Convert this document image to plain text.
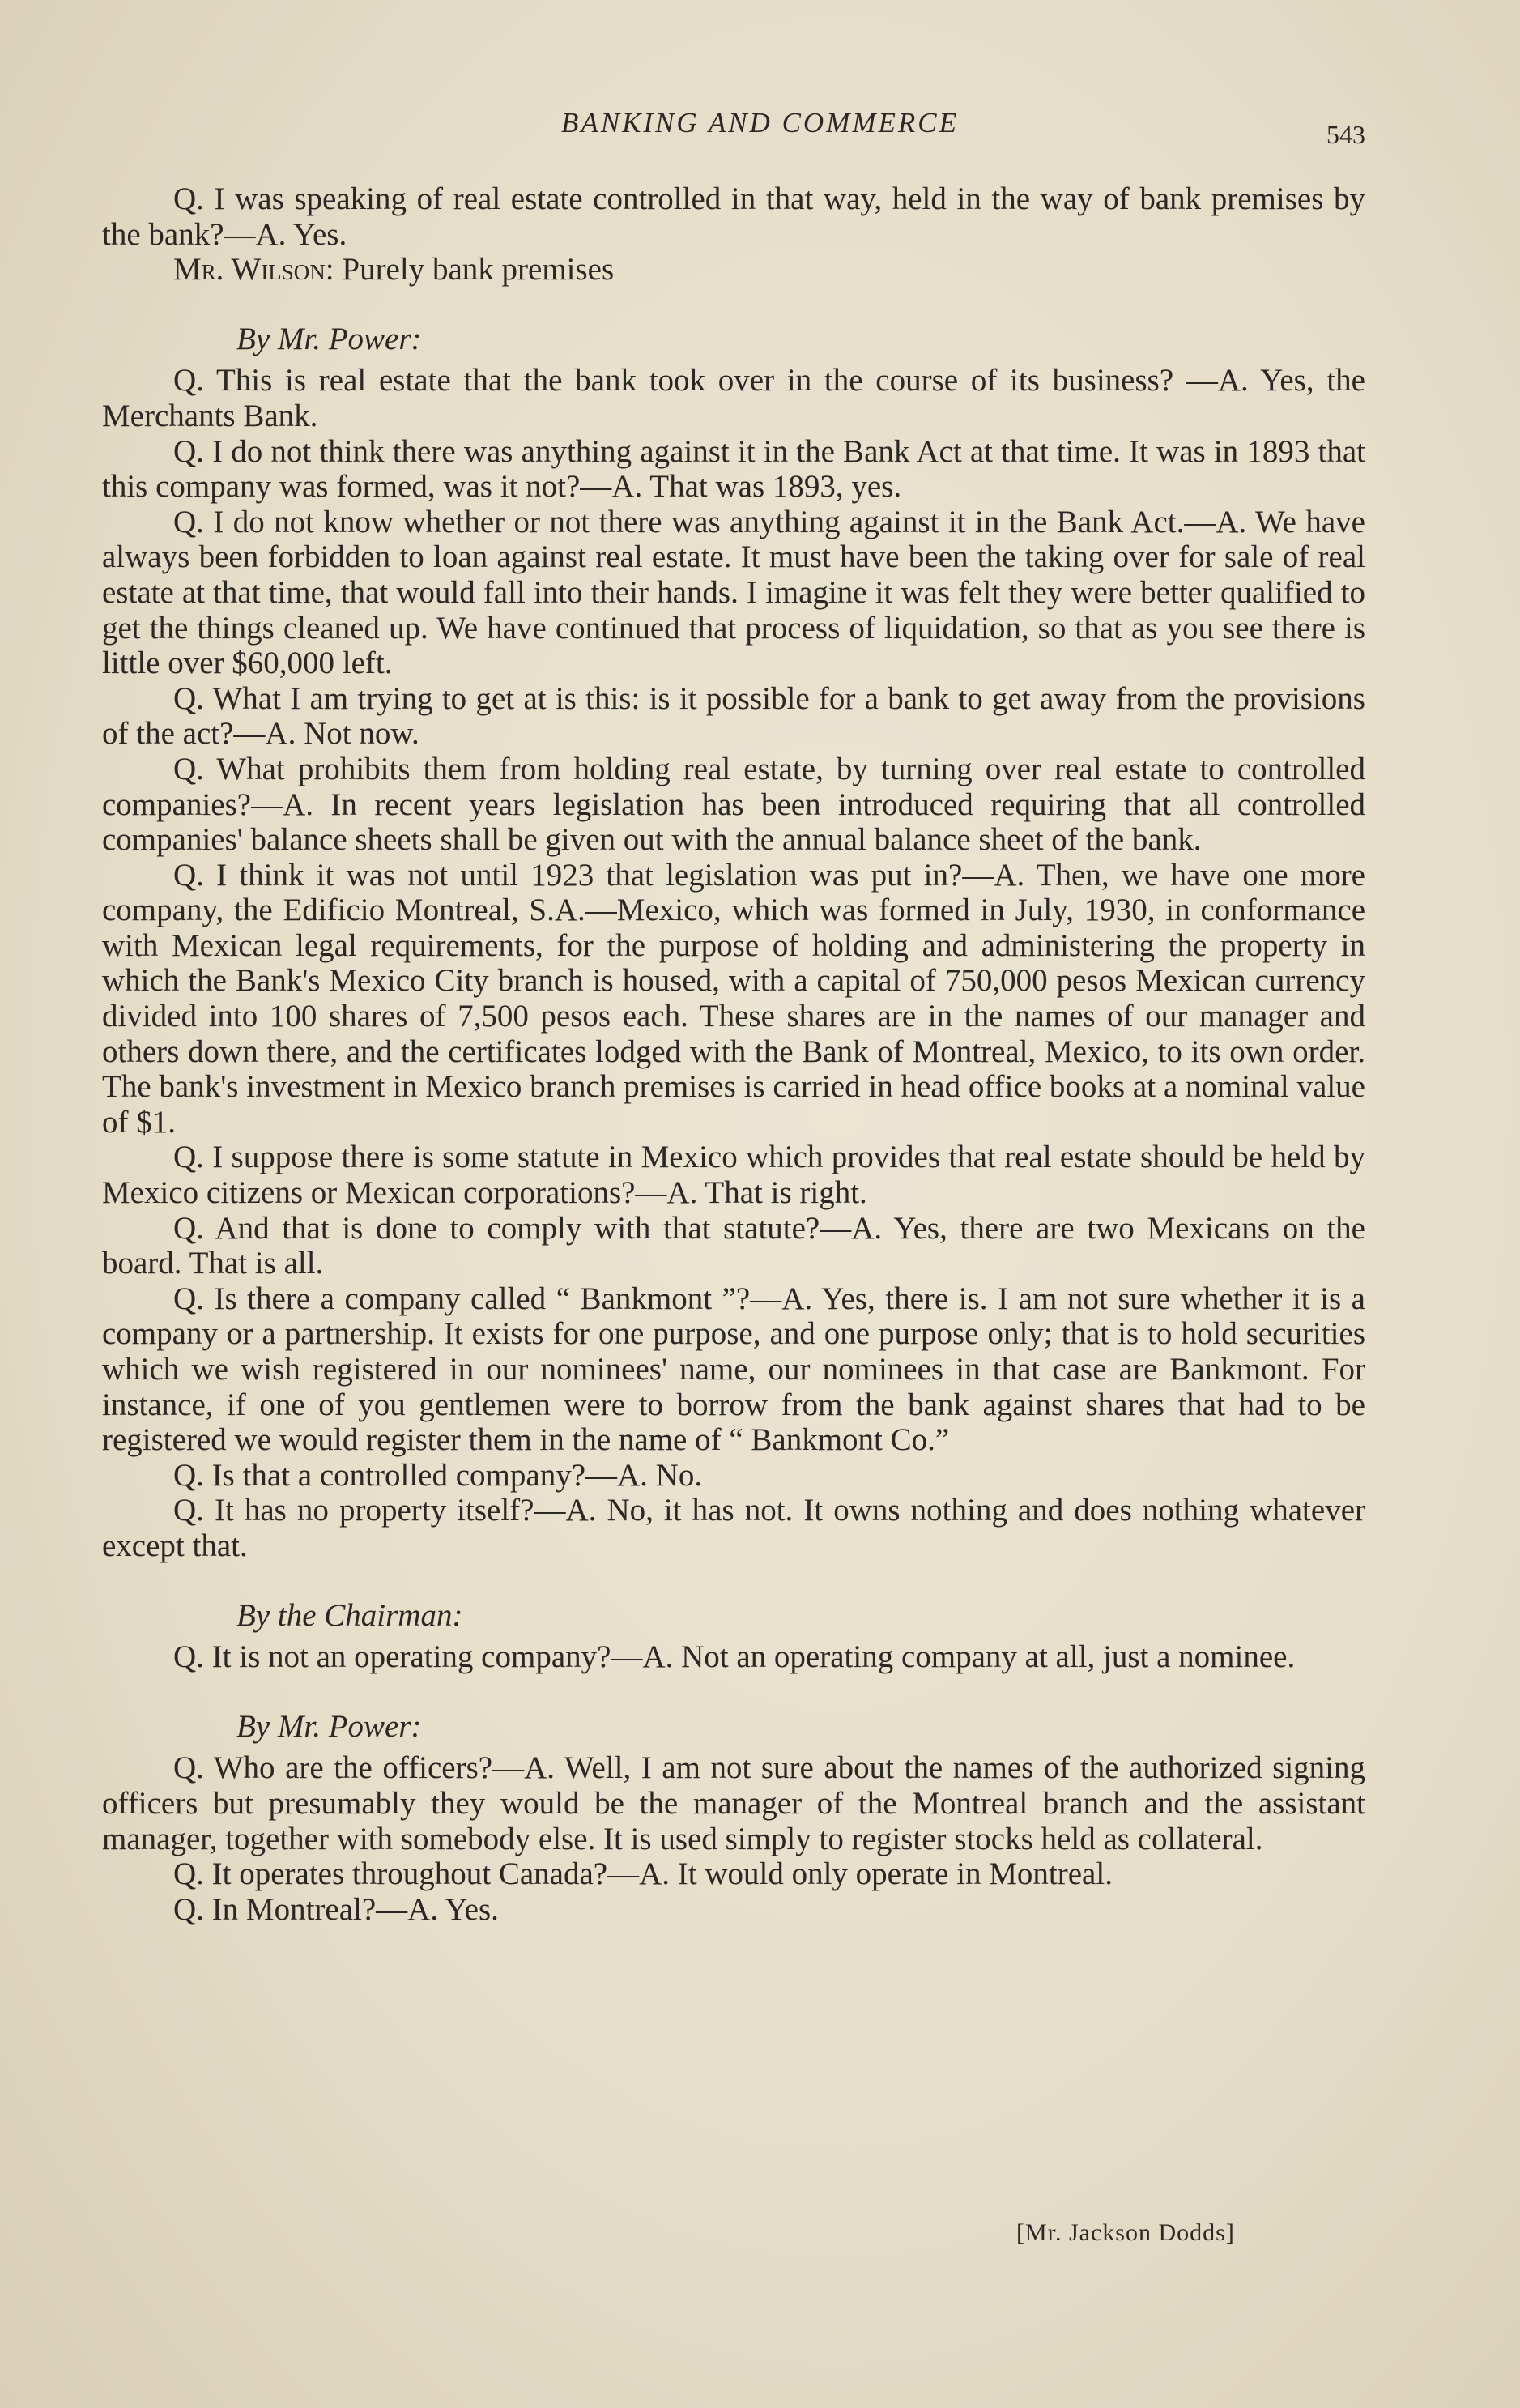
BANKING AND COMMERCE	543

Q. I was speaking of real estate controlled in that way, held in the way of bank premises by the bank?—A. Yes.

Mr. Wilson: Purely bank premises

By Mr. Power:

Q. This is real estate that the bank took over in the course of its business? —A. Yes, the Merchants Bank.

Q. I do not think there was anything against it in the Bank Act at that time. It was in 1893 that this company was formed, was it not?—A. That was 1893, yes.

Q. I do not know whether or not there was anything against it in the Bank Act.—A. We have always been forbidden to loan against real estate. It must have been the taking over for sale of real estate at that time, that would fall into their hands. I imagine it was felt they were better qualified to get the things cleaned up. We have continued that process of liquidation, so that as you see there is little over $60,000 left.

Q. What I am trying to get at is this: is it possible for a bank to get away from the provisions of the act?—A. Not now.

Q. What prohibits them from holding real estate, by turning over real estate to controlled companies?—A. In recent years legislation has been introduced requiring that all controlled companies' balance sheets shall be given out with the annual balance sheet of the bank.

Q. I think it was not until 1923 that legislation was put in?—A. Then, we have one more company, the Edificio Montreal, S.A.—Mexico, which was formed in July, 1930, in conformance with Mexican legal requirements, for the purpose of holding and administering the property in which the Bank's Mexico City branch is housed, with a capital of 750,000 pesos Mexican currency divided into 100 shares of 7,500 pesos each. These shares are in the names of our manager and others down there, and the certificates lodged with the Bank of Montreal, Mexico, to its own order. The bank's investment in Mexico branch premises is carried in head office books at a nominal value of $1.

Q. I suppose there is some statute in Mexico which provides that real estate should be held by Mexico citizens or Mexican corporations?—A. That is right.

Q. And that is done to comply with that statute?—A. Yes, there are two Mexicans on the board. That is all.

Q. Is there a company called “ Bankmont ”?—A. Yes, there is. I am not sure whether it is a company or a partnership. It exists for one purpose, and one purpose only; that is to hold securities which we wish registered in our nominees' name, our nominees in that case are Bankmont. For instance, if one of you gentlemen were to borrow from the bank against shares that had to be registered we would register them in the name of “ Bankmont Co.”

Q. Is that a controlled company?—A. No.

Q. It has no property itself?—A. No, it has not. It owns nothing and does nothing whatever except that.

By the Chairman:

Q. It is not an operating company?—A. Not an operating company at all, just a nominee.

By Mr. Power:

Q. Who are the officers?—A. Well, I am not sure about the names of the authorized signing officers but presumably they would be the manager of the Montreal branch and the assistant manager, together with somebody else. It is used simply to register stocks held as collateral.

Q. It operates throughout Canada?—A. It would only operate in Montreal.

Q. In Montreal?—A. Yes.

[Mr. Jackson Dodds]
